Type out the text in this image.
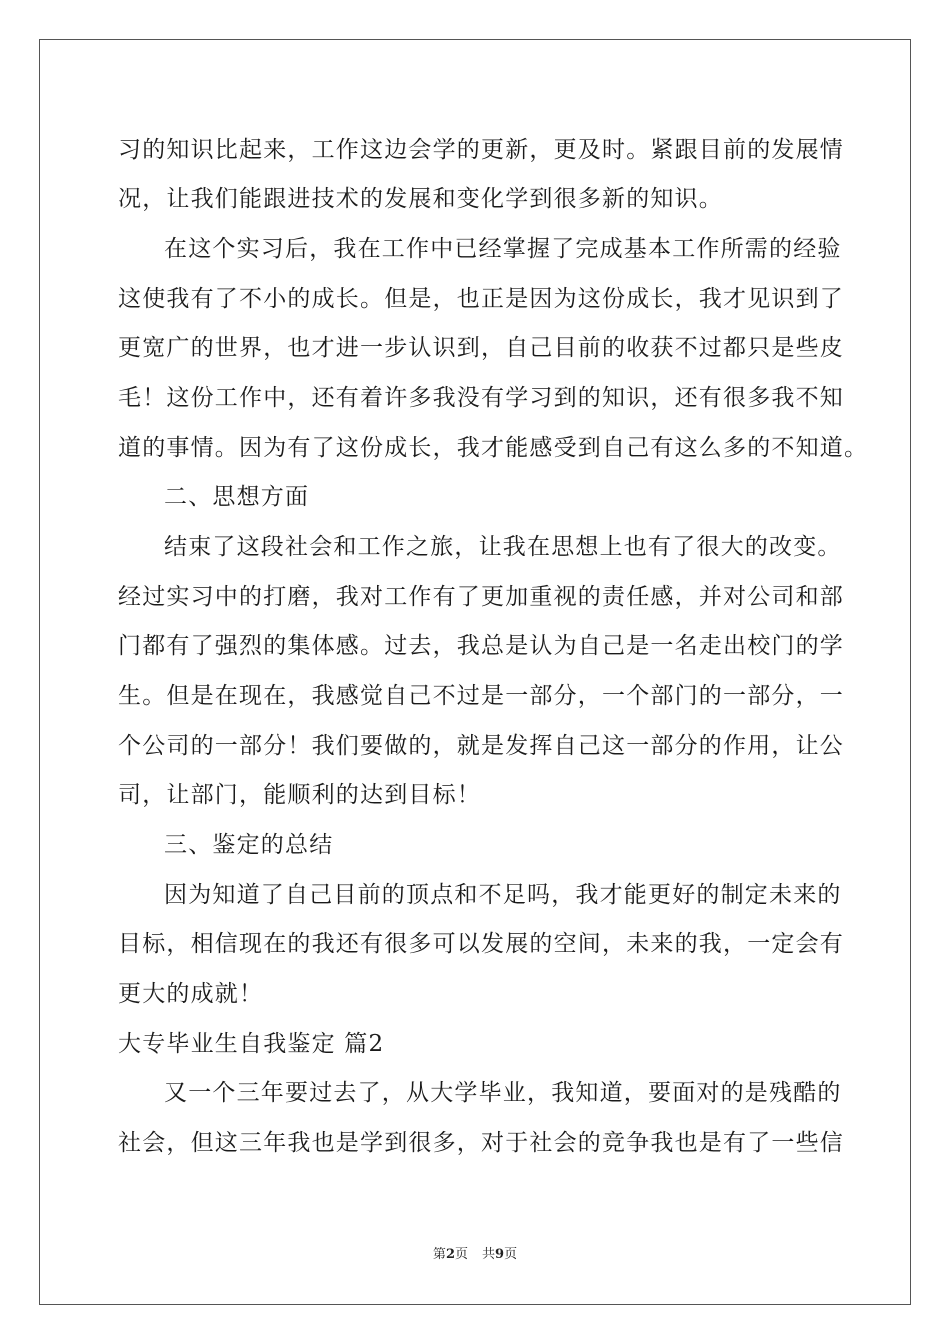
习的知识比起来，工作这边会学的更新，更及时。紧跟目前的发展情
况，让我们能跟进技术的发展和变化学到很多新的知识。
在这个实习后，我在工作中已经掌握了完成基本工作所需的经验
这使我有了不小的成长。但是，也正是因为这份成长，我才见识到了
更宽广的世界，也才进一步认识到，自己目前的收获不过都只是些皮
毛！这份工作中，还有着许多我没有学习到的知识，还有很多我不知
道的事情。因为有了这份成长，我才能感受到自己有这么多的不知道。
二、思想方面
结束了这段社会和工作之旅，让我在思想上也有了很大的改变。
经过实习中的打磨，我对工作有了更加重视的责任感，并对公司和部
门都有了强烈的集体感。过去，我总是认为自己是一名走出校门的学
生。但是在现在，我感觉自己不过是一部分，一个部门的一部分，一
个公司的一部分！我们要做的，就是发挥自己这一部分的作用，让公
司，让部门，能顺利的达到目标！
三、鉴定的总结
因为知道了自己目前的顶点和不足吗，我才能更好的制定未来的
目标，相信现在的我还有很多可以发展的空间，未来的我，一定会有
更大的成就！
大专毕业生自我鉴定 篇2
又一个三年要过去了，从大学毕业，我知道，要面对的是残酷的
社会，但这三年我也是学到很多，对于社会的竞争我也是有了一些信
第2页 共9页
